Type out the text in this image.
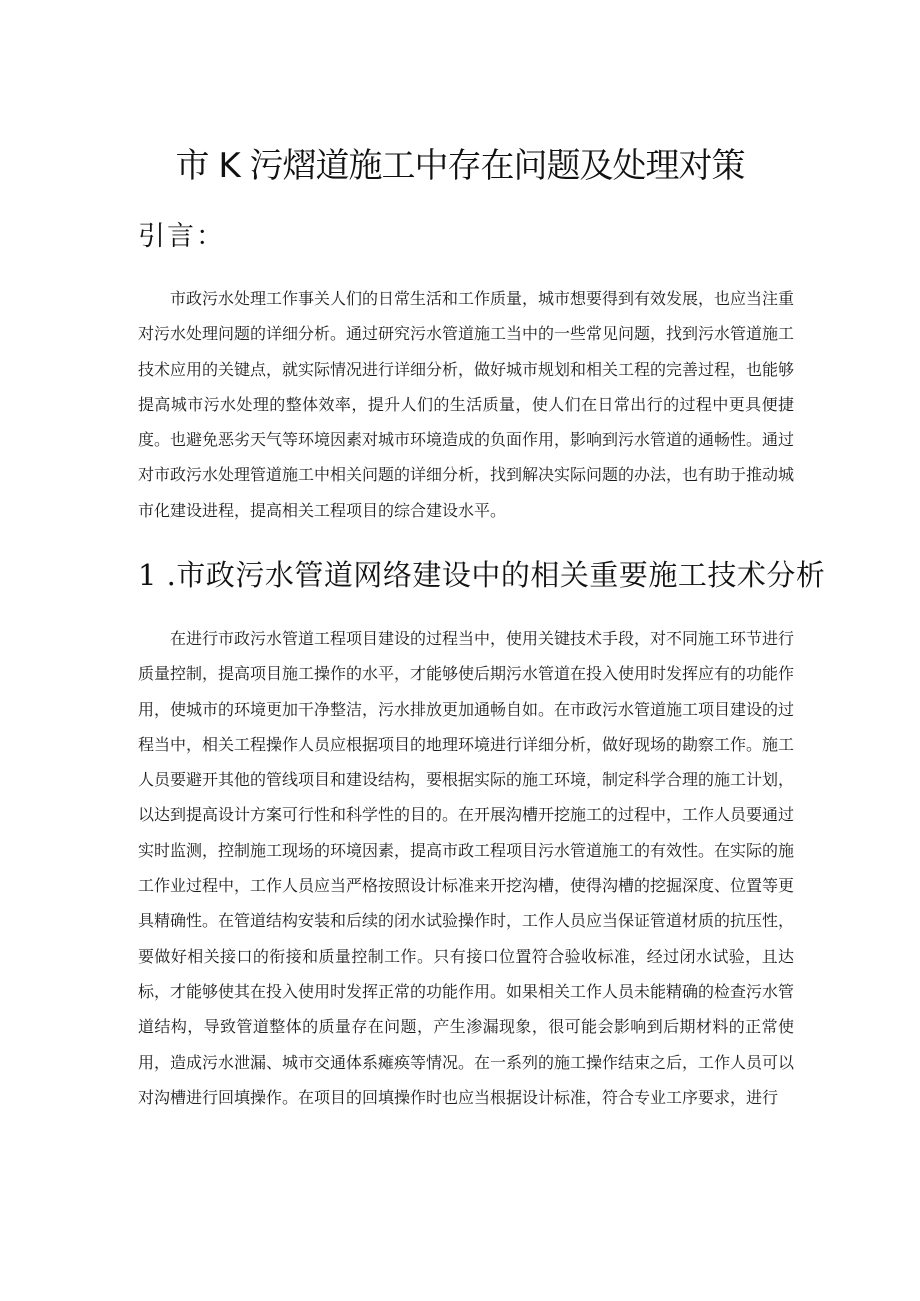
市 K 污熠道施工中存在问题及处理对策
引言：

市政污水处理工作事关人们的日常生活和工作质量，城市想要得到有效发展，也应当注重对污水处理问题的详细分析。通过研究污水管道施工当中的一些常见问题，找到污水管道施工技术应用的关键点，就实际情况进行详细分析，做好城市规划和相关工程的完善过程，也能够提高城市污水处理的整体效率，提升人们的生活质量，使人们在日常出行的过程中更具便捷度。也避免恶劣天气等环境因素对城市环境造成的负面作用，影响到污水管道的通畅性。通过对市政污水处理管道施工中相关问题的详细分析，找到解决实际问题的办法，也有助于推动城市化建设进程，提高相关工程项目的综合建设水平。

1 .市政污水管道网络建设中的相关重要施工技术分析

在进行市政污水管道工程项目建设的过程当中，使用关键技术手段，对不同施工环节进行质量控制，提高项目施工操作的水平，才能够使后期污水管道在投入使用时发挥应有的功能作用，使城市的环境更加干净整洁，污水排放更加通畅自如。在市政污水管道施工项目建设的过程当中，相关工程操作人员应根据项目的地理环境进行详细分析，做好现场的勘察工作。施工人员要避开其他的管线项目和建设结构，要根据实际的施工环境，制定科学合理的施工计划，以达到提高设计方案可行性和科学性的目的。在开展沟槽开挖施工的过程中，工作人员要通过实时监测，控制施工现场的环境因素，提高市政工程项目污水管道施工的有效性。在实际的施工作业过程中，工作人员应当严格按照设计标准来开挖沟槽，使得沟槽的挖掘深度、位置等更具精确性。在管道结构安装和后续的闭水试验操作时，工作人员应当保证管道材质的抗压性，要做好相关接口的衔接和质量控制工作。只有接口位置符合验收标准，经过闭水试验，且达标，才能够使其在投入使用时发挥正常的功能作用。如果相关工作人员未能精确的检查污水管道结构，导致管道整体的质量存在问题，产生渗漏现象，很可能会影响到后期材料的正常使用，造成污水泄漏、城市交通体系瘫痪等情况。在一系列的施工操作结束之后，工作人员可以对沟槽进行回填操作。在项目的回填操作时也应当根据设计标准，符合专业工序要求，进行
